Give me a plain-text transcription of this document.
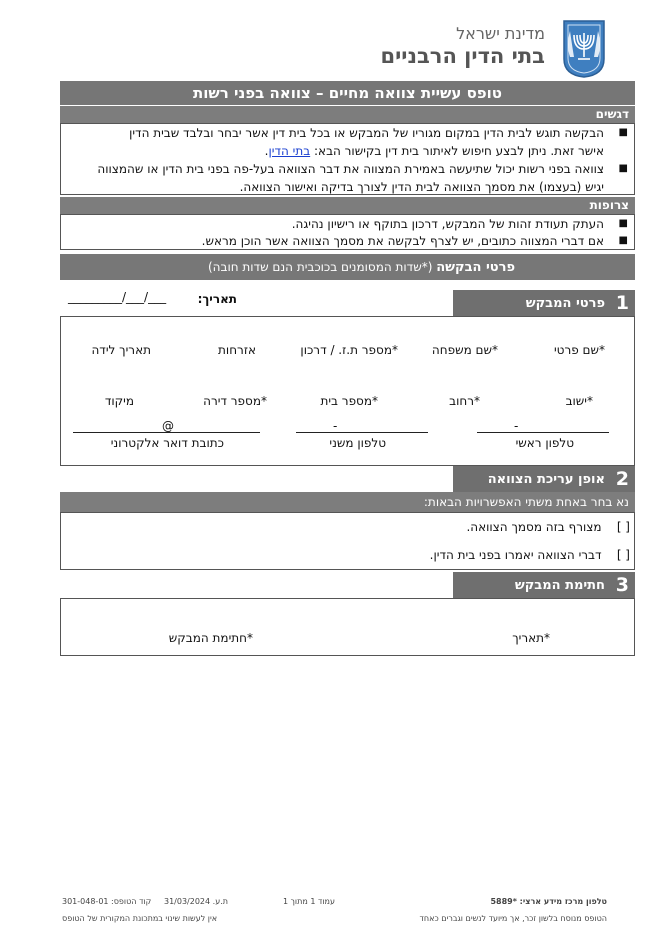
מדינת ישראל
בתי הדין הרבניים
טופס עשיית צוואה מחיים – צוואה בפני רשות
דגשים
■
הבקשה תוגש לבית הדין במקום מגוריו של המבקש או בכל בית דין אשר יבחר ובלבד שבית הדין
אישר זאת. ניתן לבצע חיפוש לאיתור בית דין בקישור הבא: בתי הדין.
■
צוואה בפני רשות יכול שתיעשה באמירת המצווה את דבר הצוואה בעל-פה בפני בית הדין או שהמצווה
יגיש (בעצמו) את מסמך הצוואה לבית הדין לצורך בדיקה ואישור הצוואה.
צרופות
■
העתק תעודת זהות של המבקש, דרכון בתוקף או רישיון נהיגה.
■
אם דברי המצווה כתובים, יש לצרף לבקשה את מסמך הצוואה אשר הוכן מראש.
פרטי הבקשה (*שדות המסומנים בכוכבית הנם שדות חובה)
תאריך:
___/___/_________	1
פרטי המבקש
*שם פרטי
*שם משפחה
*מספר ת.ז. / דרכון
אזרחות
תאריך לידה
*ישוב
*רחוב
*מספר בית
*מספר דירה
מיקוד
-
-
@
טלפון ראשי
טלפון משני
כתובת דואר אלקטרוני
2
אופן עריכת הצוואה
נא בחר באחת משתי האפשרויות הבאות:
[ ]    מצורף בזה מסמך הצוואה.
[ ]    דברי הצוואה יאמרו בפני בית הדין.
3
חתימת המבקש
*תאריך
*חתימת המבקש
טלפון מרכז מידע ארצי: *5889
עמוד 1 מתוך 1
ת.ע. 31/03/2024
קוד הטופס: 301-048-01
הטופס מנוסח בלשון זכר, אך מיועד לנשים וגברים כאחד
אין לעשות שינוי במתכונת המקורית של הטופס
